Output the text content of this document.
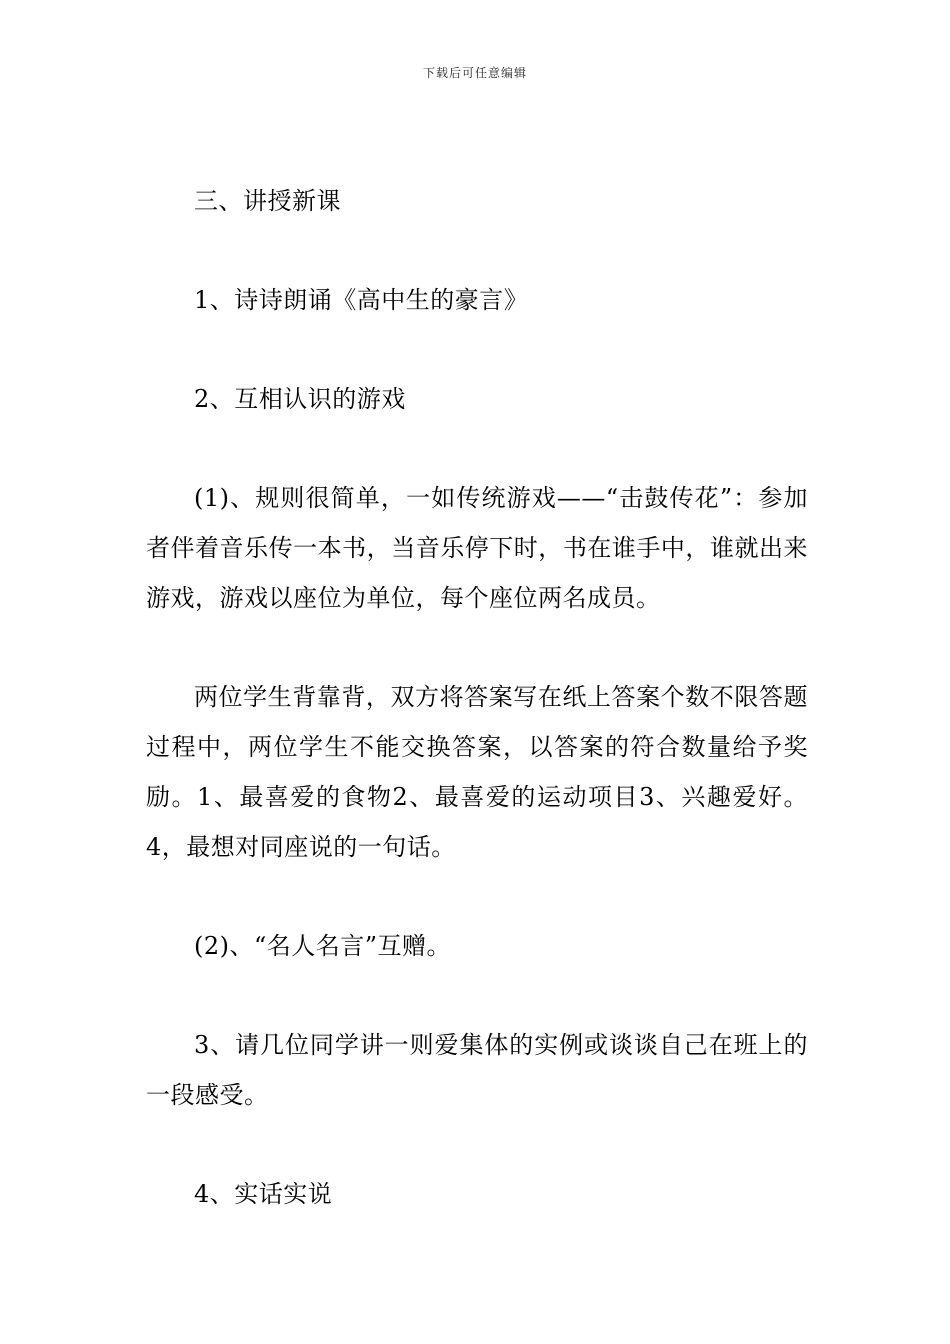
下载后可任意编辑

三、讲授新课

1、诗诗朗诵《高中生的豪言》

2、互相认识的游戏

(1)、规则很简单，一如传统游戏——“击鼓传花”：参加者伴着音乐传一本书，当音乐停下时，书在谁手中，谁就出来游戏，游戏以座位为单位，每个座位两名成员。

两位学生背靠背，双方将答案写在纸上答案个数不限答题过程中，两位学生不能交换答案，以答案的符合数量给予奖励。1、最喜爱的食物2、最喜爱的运动项目3、兴趣爱好。  4，最想对同座说的一句话。

(2)、“名人名言”互赠。

3、请几位同学讲一则爱集体的实例或谈谈自己在班上的一段感受。

4、实话实说
